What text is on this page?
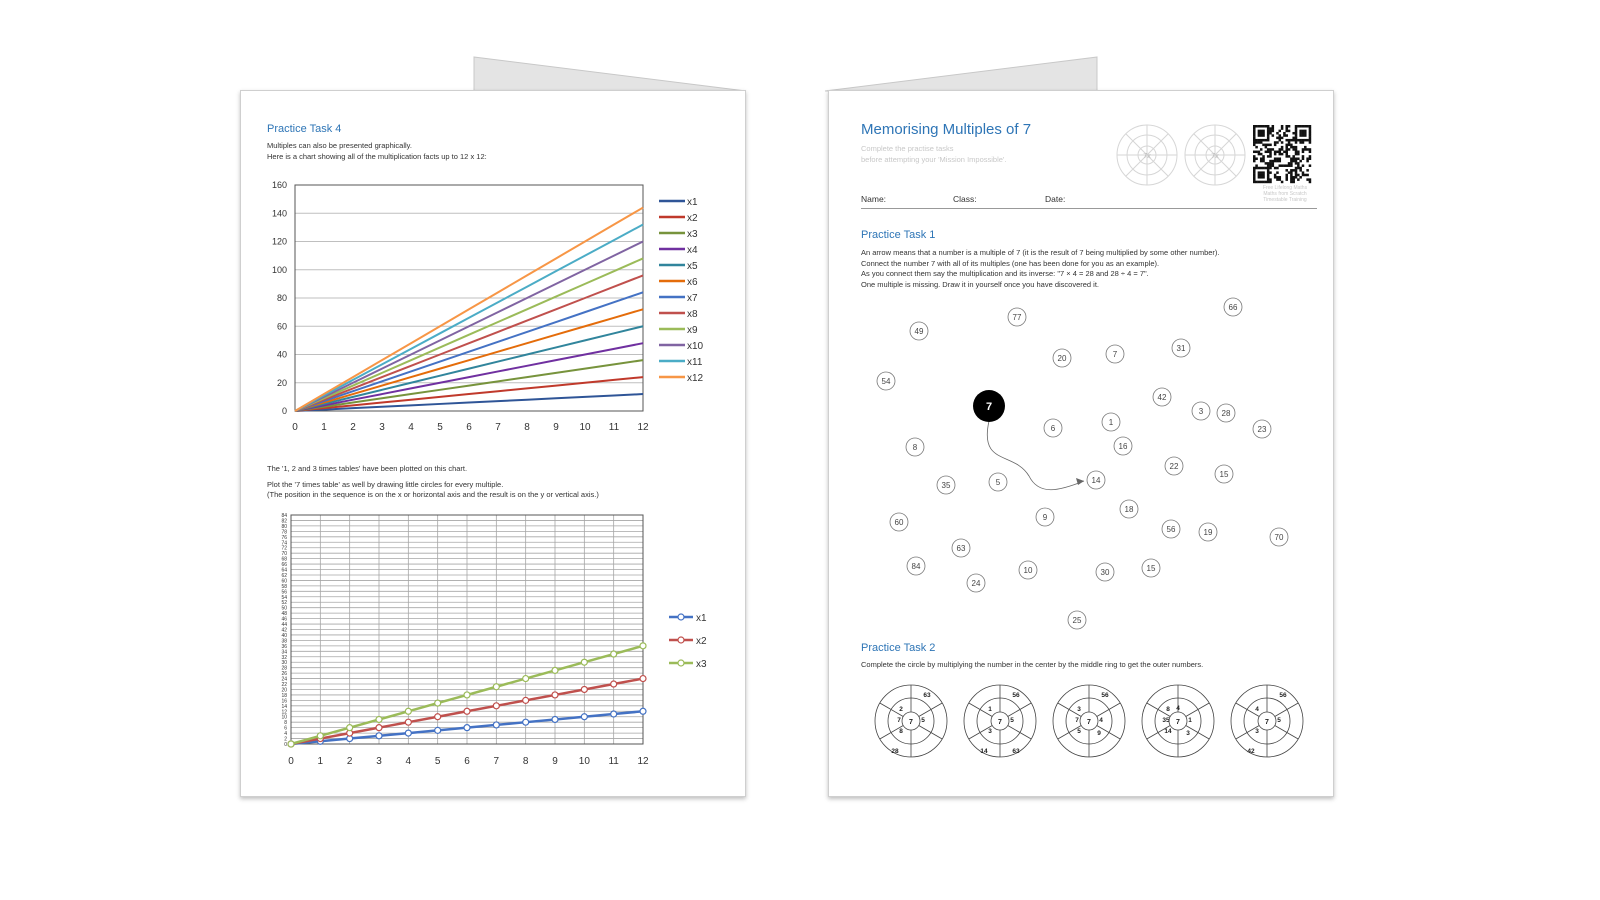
Practice Task 4
Multiples can also be presented graphically.
Here is a chart showing all of the multiplication facts up to 12 x 12:
0
20
40
60
80
100
120
140
160
0 1 2 3 4 5 6 7 8 9 10 11 12
x1
x2
x3
x4
x5
x6
x7
x8
x9
x10
x11
x12
The '1, 2 and 3 times tables' have been plotted on this chart.
Plot the '7 times table' as well by drawing little circles for every multiple.
(The position in the sequence is on the x or horizontal axis and the result is on the y or vertical axis.)
0
2
4
6
8
10
12
14
16
18
20
22
24
26
28
30
32
34
36
38
40
42
44
46
48
50
52
54
56
58
60
62
64
66
68
70
72
74
76
78
80
82
84
0 1 2 3 4 5 6 7 8 9 10 11 12
x1
x2
x3
Memorising Multiples of 7
Complete the practise tasks
before attempting your 'Mission Impossible'.	7x	7x
Free Lifelong Maths
Maths from Scratch
Timestable Training
Name:	Class:	Date:
Practice Task 1
An arrow means that a number is a multiple of 7 (it is the result of 7 being multiplied by some other number).
Connect the number 7 with all of its multiples (one has been done for you as an example).
As you connect them say the multiplication and its inverse: "7 × 4 = 28 and 28 ÷ 4 = 7".
One multiple is missing. Draw it in yourself once you have discovered it.
66
77
49
20	7
31
54
42
3 28
23
6
1
16
8
22
15
35	5	14
18
9
56	19
70
60
63
84
24
10	30	15
25
7
Practice Task 2
Complete the circle by multiplying the number in the center by the middle ring to get the outer numbers.
7
2
5
8
7
63
28
7
1
5
3
56
14	63
7
3
4
5
7
9
56
7
8
1
14
35
3
4
7
4
5
3
56
42
